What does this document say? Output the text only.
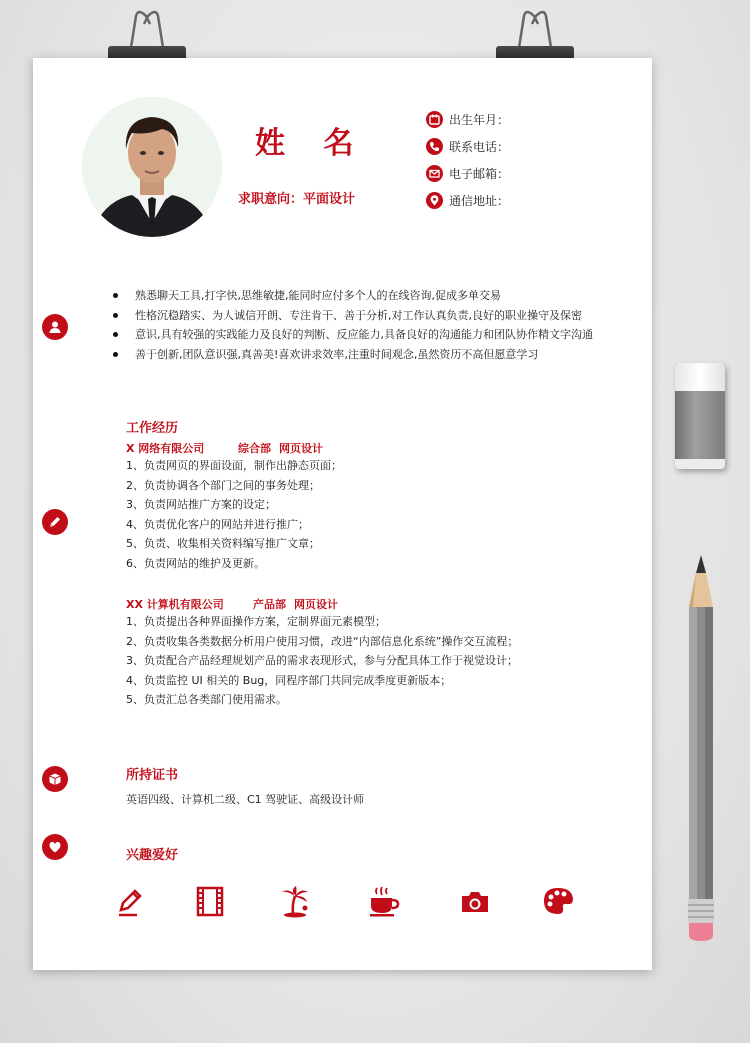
姓 名
求职意向：平面设计
出生年月：
联系电话：
电子邮箱：
通信地址：
熟悉聊天工具,打字快,思维敏捷,能同时应付多个人的在线咨询,促成多单交易
性格沉稳踏实、为人诚信开朗、专注肯干、善于分析,对工作认真负责,良好的职业操守及保密
意识,具有较强的实践能力及良好的判断、反应能力,具备良好的沟通能力和团队协作精文字沟通
善于创新,团队意识强,真善美!喜欢讲求效率,注重时间观念,虽然资历不高但愿意学习
工作经历
X 网络有限公司	综合部 网页设计
1、负责网页的界面设面，制作出静态页面；
2、负责协调各个部门之间的事务处理；
3、负责网站推广方案的设定；
4、负责优化客户的网站并进行推广；
5、负责、收集相关资料编写推广文章；
6、负责网站的维护及更新。
XX 计算机有限公司	产品部 网页设计
1、负责提出各种界面操作方案，定制界面元素模型；
2、负责收集各类数据分析用户使用习惯，改进“内部信息化系统”操作交互流程；
3、负责配合产品经理规划产品的需求表现形式，参与分配具体工作于视觉设计；
4、负责监控 UI 相关的 Bug，同程序部门共同完成季度更新版本；
5、负责汇总各类部门使用需求。
所持证书
英语四级、计算机二级、C1 驾驶证、高级设计师
兴趣爱好
